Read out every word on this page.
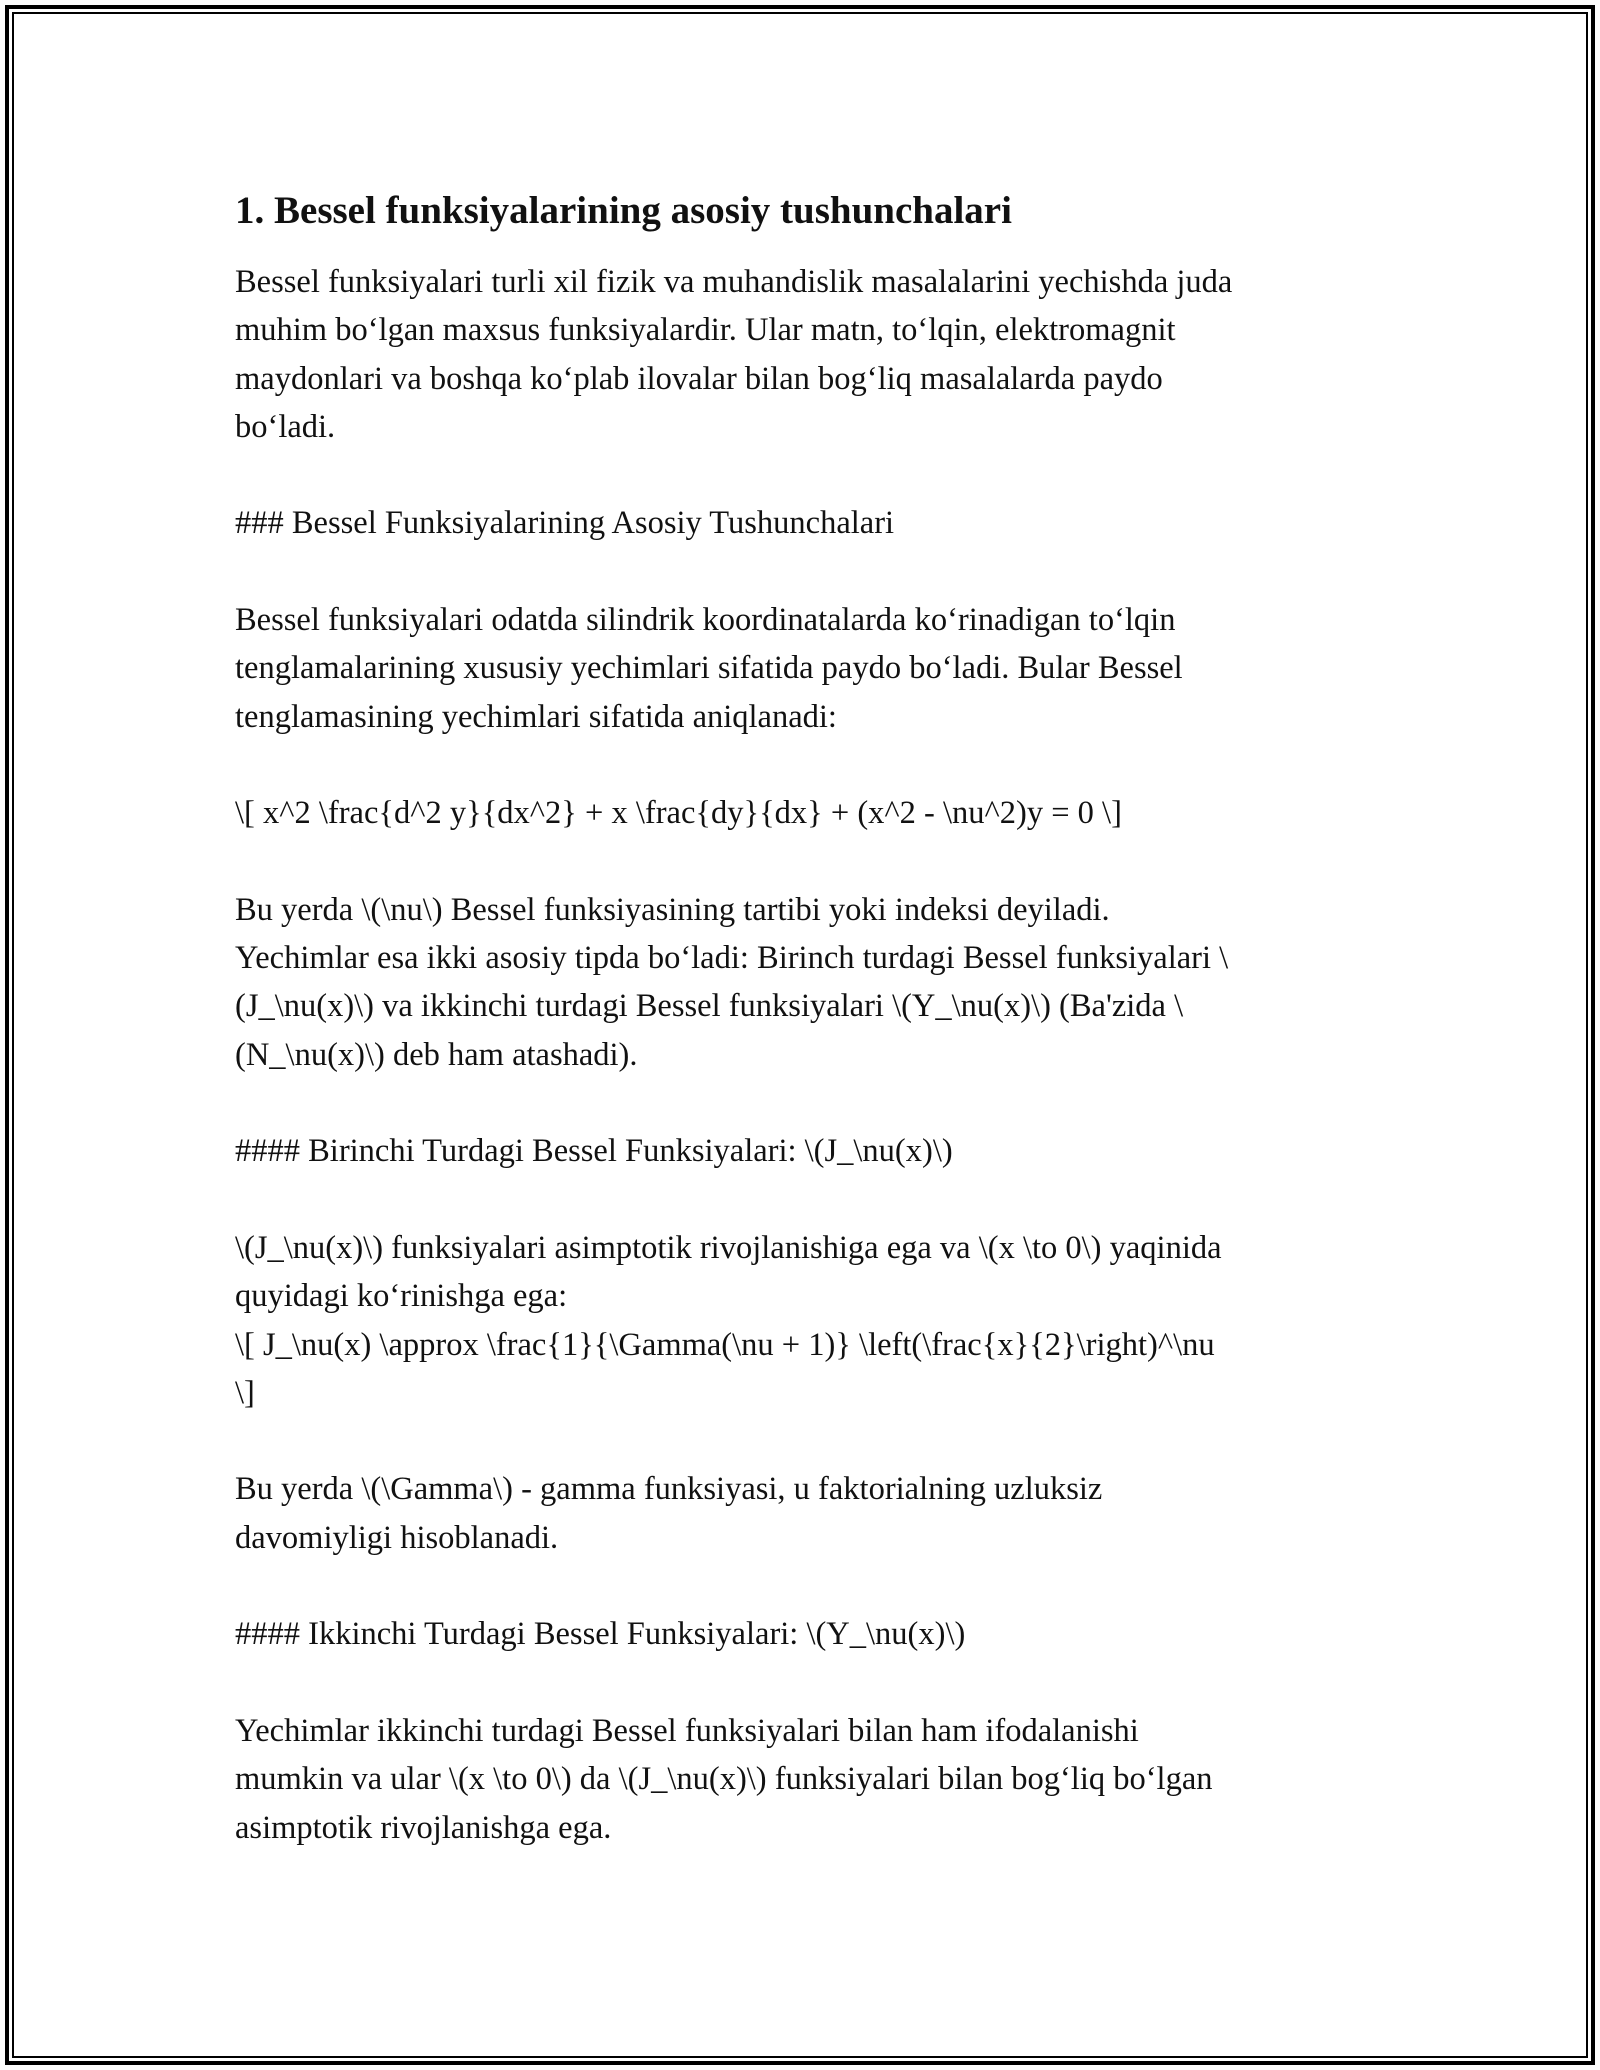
1. Bessel funksiyalarining asosiy tushunchalari
Bessel funksiyalari turli xil fizik va muhandislik masalalarini yechishda juda
muhim bo‘lgan maxsus funksiyalardir. Ular matn, to‘lqin, elektromagnit
maydonlari va boshqa ko‘plab ilovalar bilan bog‘liq masalalarda paydo
bo‘ladi.

### Bessel Funksiyalarining Asosiy Tushunchalari

Bessel funksiyalari odatda silindrik koordinatalarda ko‘rinadigan to‘lqin
tenglamalarining xususiy yechimlari sifatida paydo bo‘ladi. Bular Bessel
tenglamasining yechimlari sifatida aniqlanadi:

\[ x^2 \frac{d^2 y}{dx^2} + x \frac{dy}{dx} + (x^2 - \nu^2)y = 0 \]

Bu yerda \(\nu\) Bessel funksiyasining tartibi yoki indeksi deyiladi.
Yechimlar esa ikki asosiy tipda bo‘ladi: Birinch turdagi Bessel funksiyalari \
(J_\nu(x)\) va ikkinchi turdagi Bessel funksiyalari \(Y_\nu(x)\) (Ba'zida \
(N_\nu(x)\) deb ham atashadi).

#### Birinchi Turdagi Bessel Funksiyalari: \(J_\nu(x)\)

\(J_\nu(x)\) funksiyalari asimptotik rivojlanishiga ega va \(x \to 0\) yaqinida
quyidagi ko‘rinishga ega:
\[ J_\nu(x) \approx \frac{1}{\Gamma(\nu + 1)} \left(\frac{x}{2}\right)^\nu
\]

Bu yerda \(\Gamma\) - gamma funksiyasi, u faktorialning uzluksiz
davomiyligi hisoblanadi.

#### Ikkinchi Turdagi Bessel Funksiyalari: \(Y_\nu(x)\)

Yechimlar ikkinchi turdagi Bessel funksiyalari bilan ham ifodalanishi
mumkin va ular \(x \to 0\) da \(J_\nu(x)\) funksiyalari bilan bog‘liq bo‘lgan
asimptotik rivojlanishga ega.
